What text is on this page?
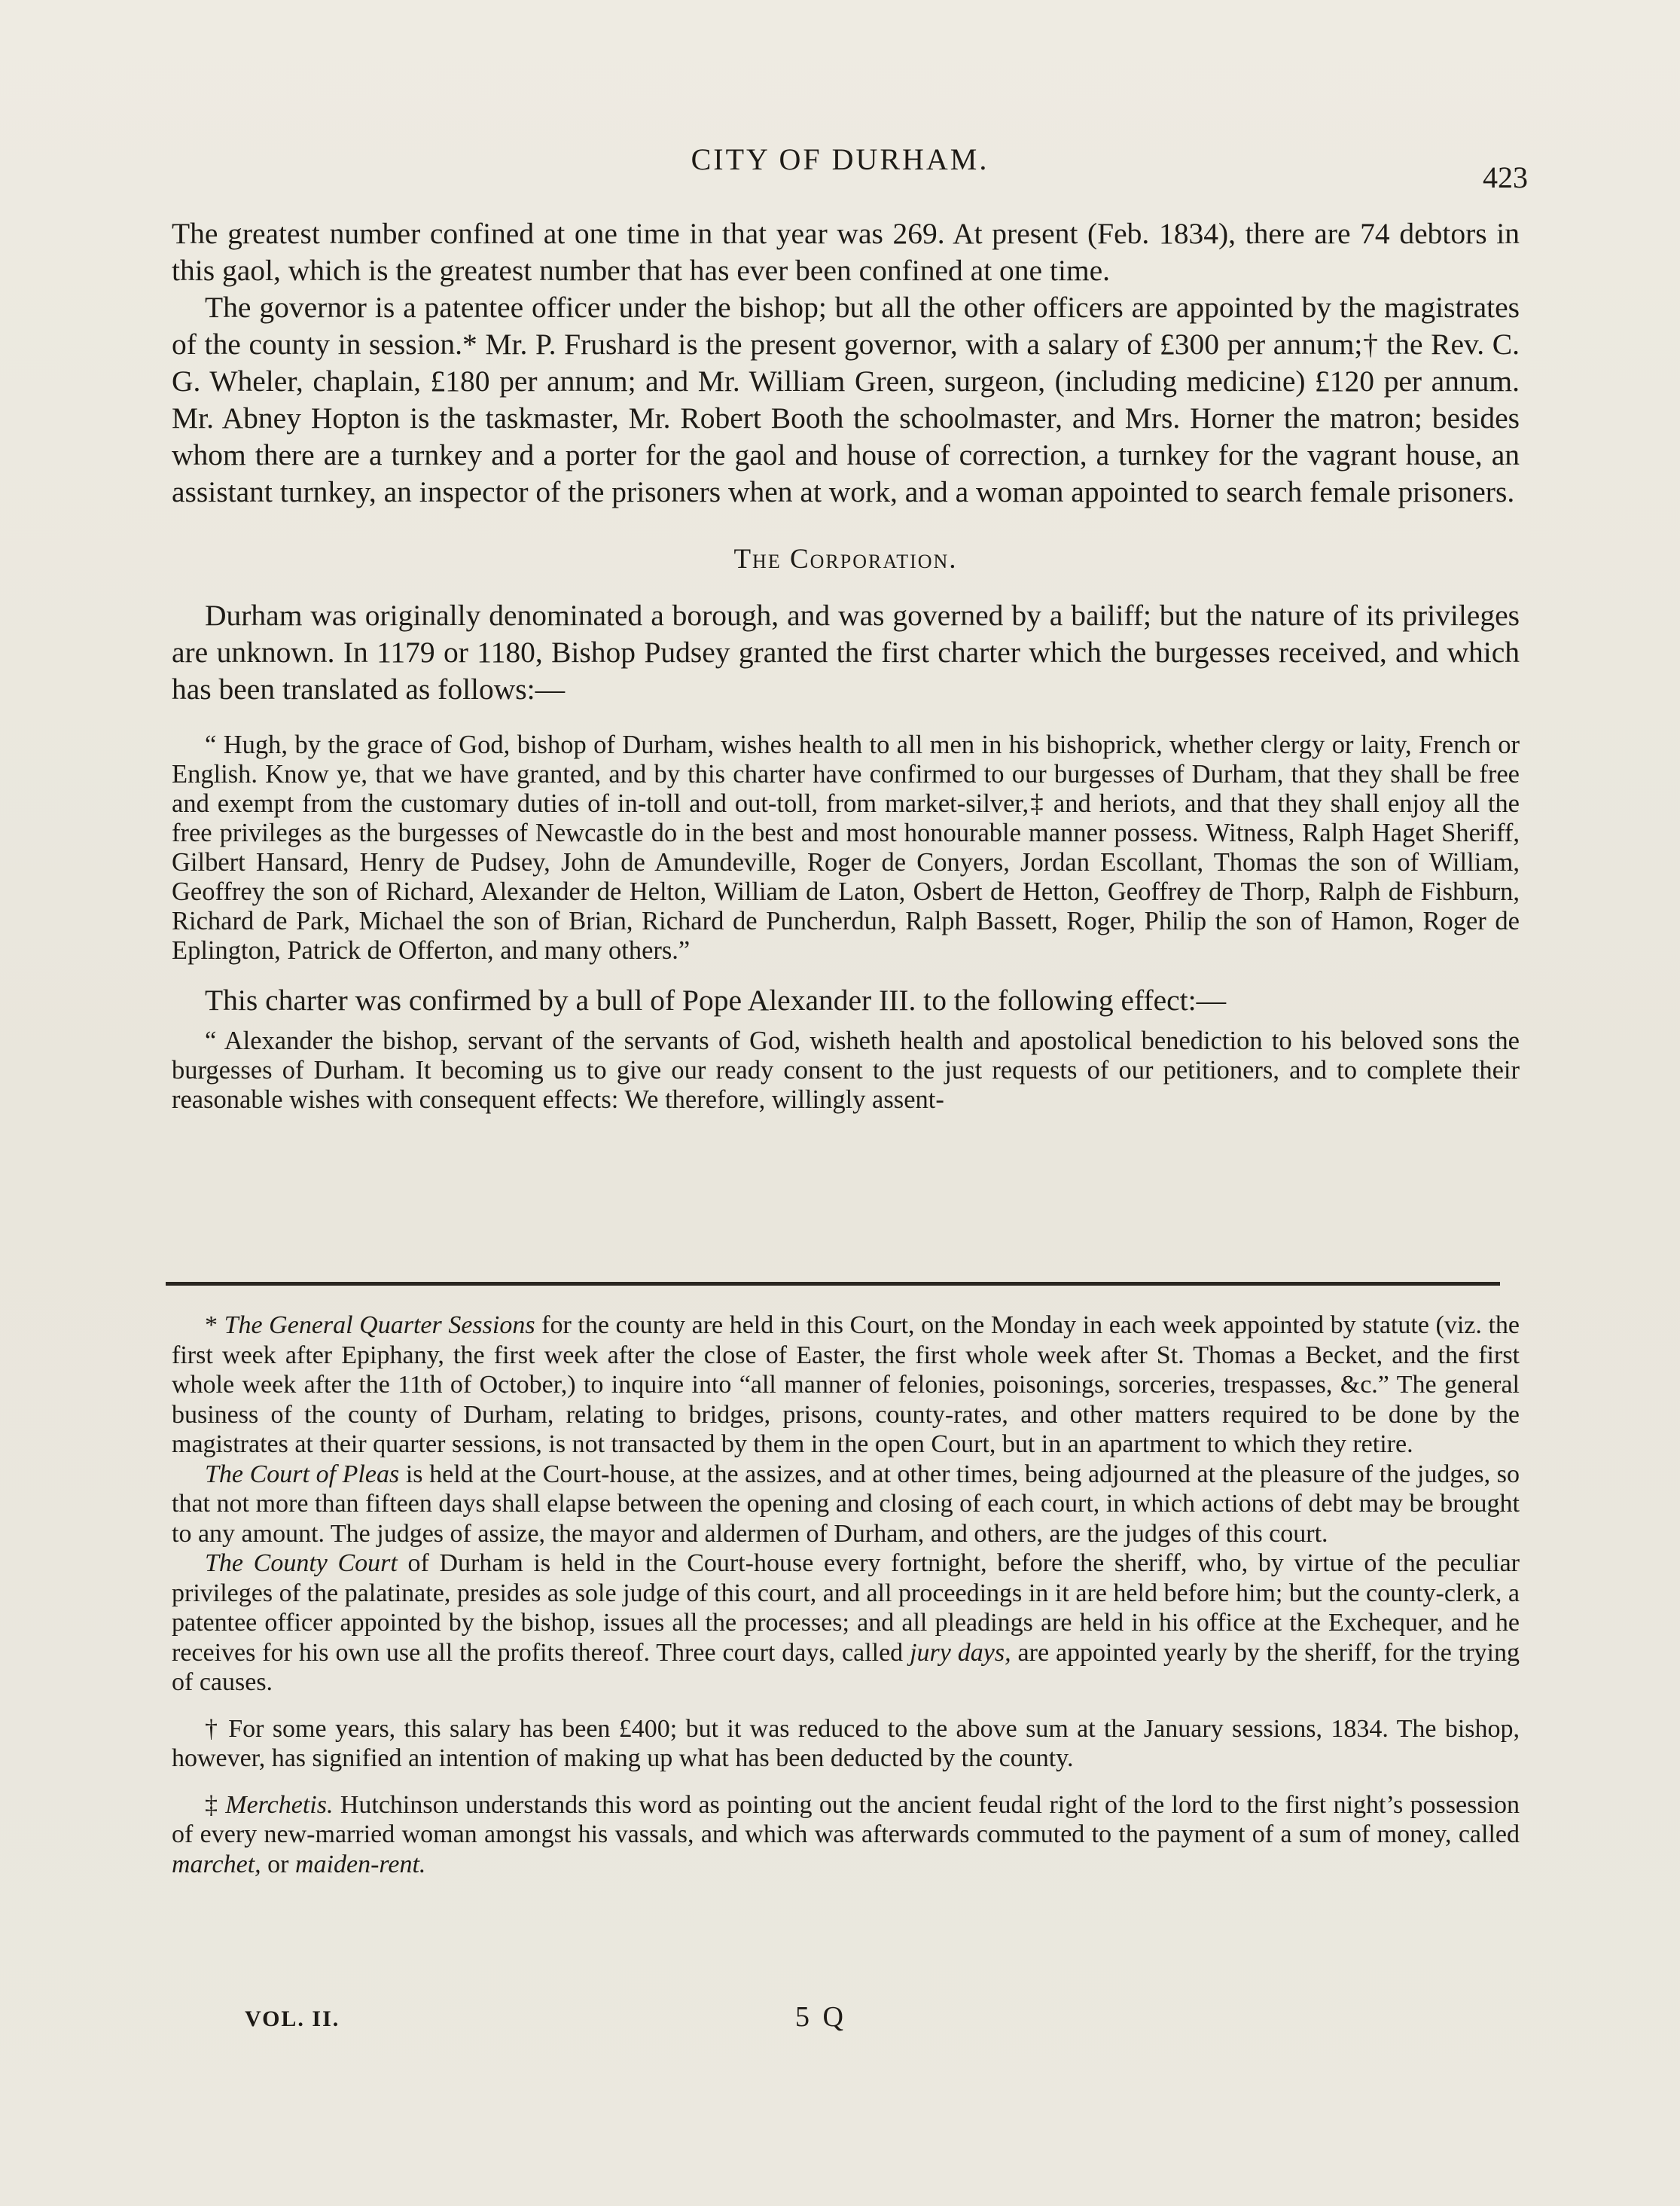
CITY OF DURHAM.
423

The greatest number confined at one time in that year was 269. At present (Feb. 1834), there are 74 debtors in this gaol, which is the greatest number that has ever been confined at one time.

The governor is a patentee officer under the bishop; but all the other officers are appointed by the magistrates of the county in session.* Mr. P. Frushard is the present governor, with a salary of £300 per annum;† the Rev. C. G. Wheler, chaplain, £180 per annum; and Mr. William Green, surgeon, (including medicine) £120 per annum. Mr. Abney Hopton is the taskmaster, Mr. Robert Booth the schoolmaster, and Mrs. Horner the matron; besides whom there are a turnkey and a porter for the gaol and house of correction, a turnkey for the vagrant house, an assistant turnkey, an inspector of the prisoners when at work, and a woman appointed to search female prisoners.

The Corporation.

Durham was originally denominated a borough, and was governed by a bailiff; but the nature of its privileges are unknown. In 1179 or 1180, Bishop Pudsey granted the first charter which the burgesses received, and which has been translated as follows:—

“ Hugh, by the grace of God, bishop of Durham, wishes health to all men in his bishoprick, whether clergy or laity, French or English. Know ye, that we have granted, and by this charter have confirmed to our burgesses of Durham, that they shall be free and exempt from the customary duties of in-toll and out-toll, from market-silver,‡ and heriots, and that they shall enjoy all the free privileges as the burgesses of Newcastle do in the best and most honourable manner possess. Witness, Ralph Haget Sheriff, Gilbert Hansard, Henry de Pudsey, John de Amundeville, Roger de Conyers, Jordan Escollant, Thomas the son of William, Geoffrey the son of Richard, Alexander de Helton, William de Laton, Osbert de Hetton, Geoffrey de Thorp, Ralph de Fishburn, Richard de Park, Michael the son of Brian, Richard de Puncherdun, Ralph Bassett, Roger, Philip the son of Hamon, Roger de Eplington, Patrick de Offerton, and many others.”

This charter was confirmed by a bull of Pope Alexander III. to the following effect:—

“ Alexander the bishop, servant of the servants of God, wisheth health and apostolical benediction to his beloved sons the burgesses of Durham. It becoming us to give our ready consent to the just requests of our petitioners, and to complete their reasonable wishes with consequent effects: We therefore, willingly assent-

* The General Quarter Sessions for the county are held in this Court, on the Monday in each week appointed by statute (viz. the first week after Epiphany, the first week after the close of Easter, the first whole week after St. Thomas a Becket, and the first whole week after the 11th of October,) to inquire into “all manner of felonies, poisonings, sorceries, trespasses, &c.” The general business of the county of Durham, relating to bridges, prisons, county-rates, and other matters required to be done by the magistrates at their quarter sessions, is not transacted by them in the open Court, but in an apartment to which they retire.

The Court of Pleas is held at the Court-house, at the assizes, and at other times, being adjourned at the pleasure of the judges, so that not more than fifteen days shall elapse between the opening and closing of each court, in which actions of debt may be brought to any amount. The judges of assize, the mayor and aldermen of Durham, and others, are the judges of this court.

The County Court of Durham is held in the Court-house every fortnight, before the sheriff, who, by virtue of the peculiar privileges of the palatinate, presides as sole judge of this court, and all proceedings in it are held before him; but the county-clerk, a patentee officer appointed by the bishop, issues all the processes; and all pleadings are held in his office at the Exchequer, and he receives for his own use all the profits thereof. Three court days, called jury days, are appointed yearly by the sheriff, for the trying of causes.

† For some years, this salary has been £400; but it was reduced to the above sum at the January sessions, 1834. The bishop, however, has signified an intention of making up what has been deducted by the county.

‡ Merchetis. Hutchinson understands this word as pointing out the ancient feudal right of the lord to the first night’s possession of every new-married woman amongst his vassals, and which was afterwards commuted to the payment of a sum of money, called marchet, or maiden-rent.

VOL. II.	5 Q
